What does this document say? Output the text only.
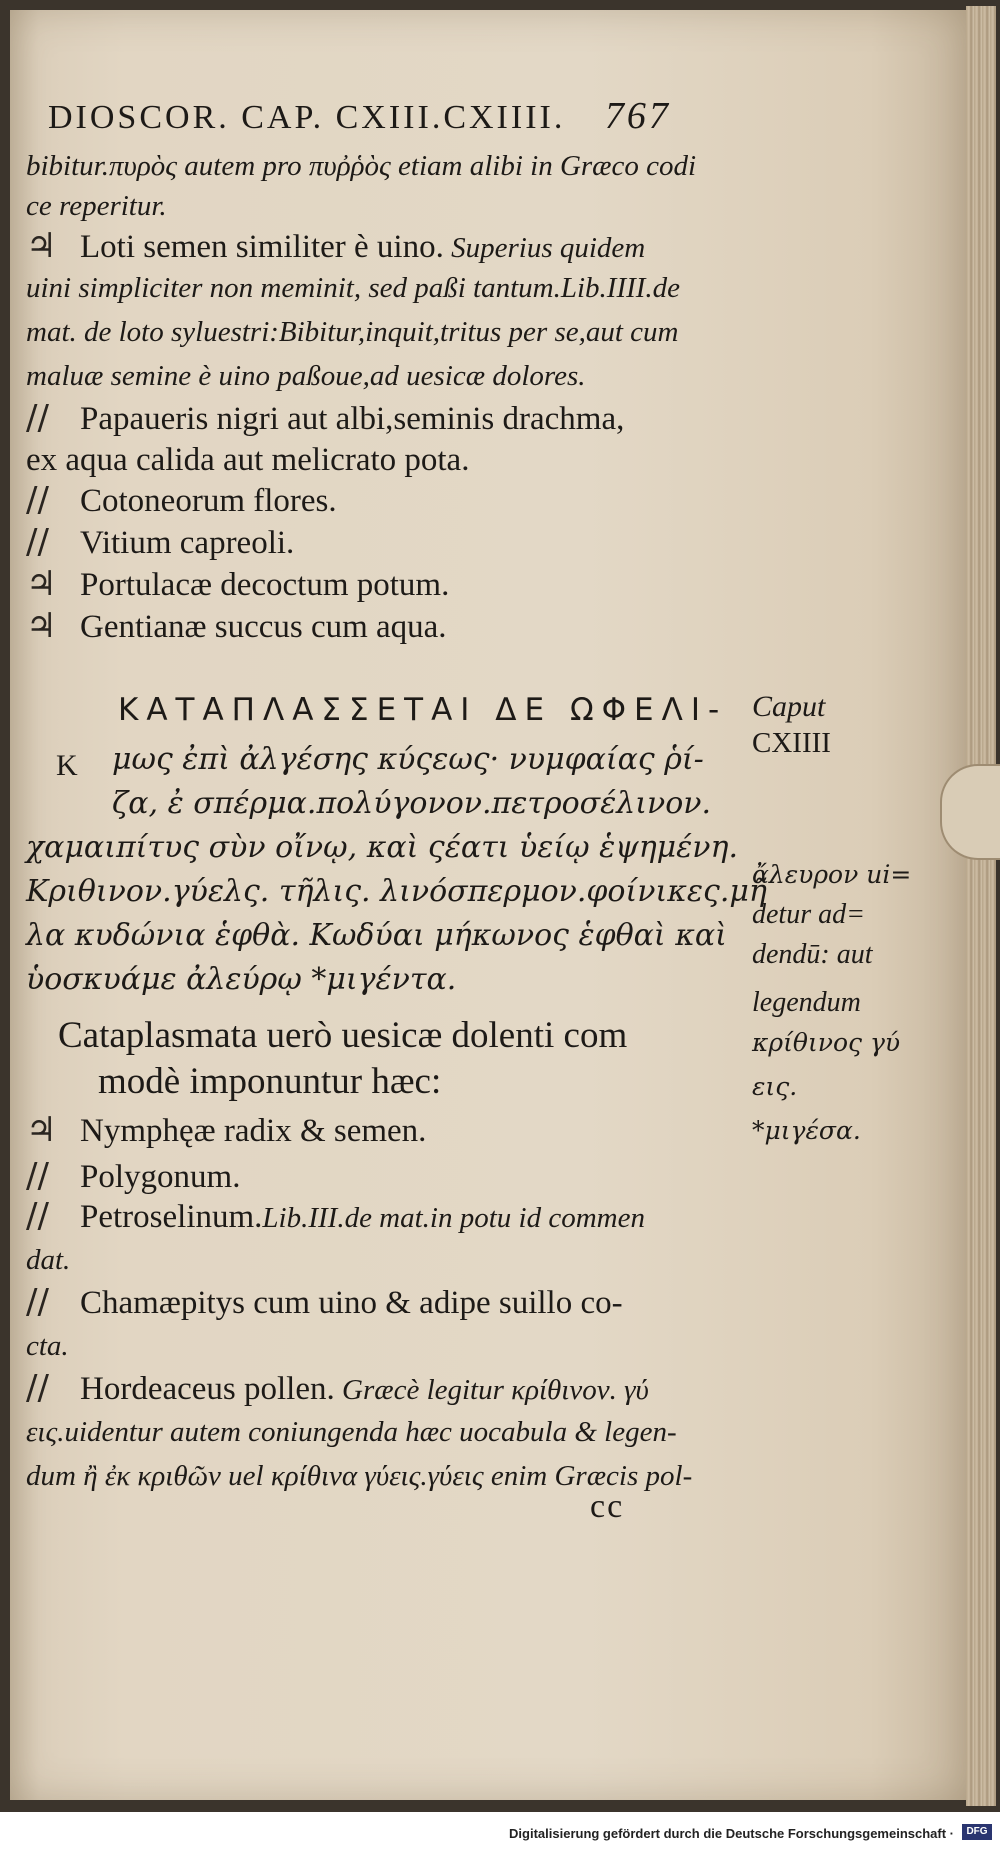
DIOSCOR. CAP. CXIII.CXIIII. 767
bibitur.πυρὸς autem pro πυῤῥὸς etiam alibi in Græco codi
ce reperitur.
♃ Loti semen similiter è uino. Superius quidem
uini simpliciter non meminit, sed paßi tantum.Lib.IIII.de
mat. de loto syluestri:Bibitur,inquit,tritus per se,aut cum
maluæ semine è uino paßoue,ad uesicæ dolores.
// Papaueris nigri aut albi,seminis drachma,
ex aqua calida aut melicrato pota.
// Cotoneorum flores.
// Vitium capreoli.
♃ Portulacæ decoctum potum.
♃ Gentianæ succus cum aqua.
ΚΑΤΑΠΛΑΣΣΕΤΑΙ ΔΕ ΩΦΕΛΙ-
Κ μως ἐπὶ ἀλγέσης κύςεως· νυμφαίας ῥί-
ζα, ἐ σπέρμα.πολύγονον.πετροσέλινον.
χαμαιπίτυς σὺν οἴνῳ, καὶ ςέατι ὑείῳ ἑψημένη.
Κριθινον.γύελς. τῆλις. λινόσπερμον.φοίνικες.μῆ
λα κυδώνια ἑφθὰ. Κωδύαι μήκωνος ἑφθαὶ καὶ
ὑοσκυάμε ἀλεύρῳ *μιγέντα.
Caput
CXIIII
ἄλευρον ui=
detur ad=
dendū: aut
legendum
κρίθινος γύ
εις.
*μιγέσα.
Cataplasmata uerò uesicæ dolenti com
modè imponuntur hæc:
♃ Nymphęæ radix & semen.
// Polygonum.
// Petroselinum.Lib.III.de mat.in potu id commen
dat.
// Chamæpitys cum uino & adipe suillo co-
cta.
// Hordeaceus pollen. Græcè legitur κρίθινον. γύ
εις.uidentur autem coniungenda hæc uocabula & legen-
dum ἢ ἐκ κριθῶν uel κρίθινα γύεις.γύεις enim Græcis pol-
cc
Digitalisierung gefördert durch die Deutsche Forschungsgemeinschaft ·	DFG
